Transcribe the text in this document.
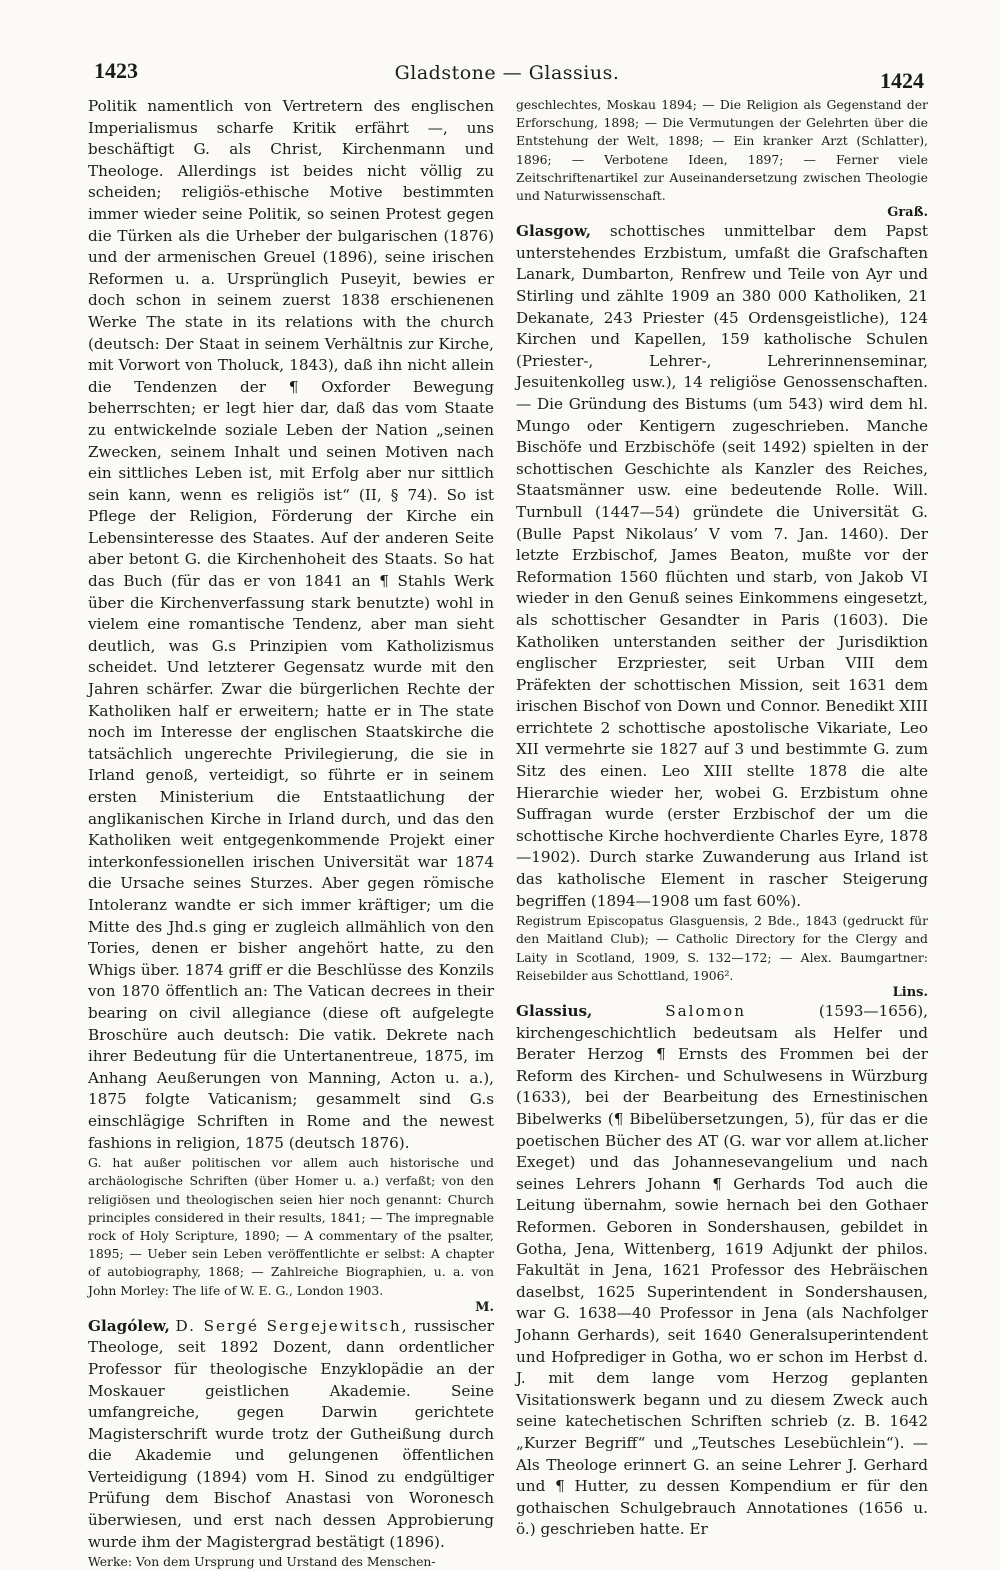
1423	Gladstone — Glassius.	1424

Politik namentlich von Vertretern des englischen Imperialismus scharfe Kritik erfährt —, uns beschäftigt G. als Christ, Kirchenmann und Theologe. Allerdings ist beides nicht völlig zu scheiden; religiös-ethische Motive bestimmten immer wieder seine Politik, so seinen Protest gegen die Türken als die Urheber der bulgarischen (1876) und der armenischen Greuel (1896), seine irischen Reformen u. a. Ursprünglich Puseyit, bewies er doch schon in seinem zuerst 1838 erschienenen Werke The state in its relations with the church (deutsch: Der Staat in seinem Verhältnis zur Kirche, mit Vorwort von Tholuck, 1843), daß ihn nicht allein die Tendenzen der ¶ Oxforder Bewegung beherrschten; er legt hier dar, daß das vom Staate zu entwickelnde soziale Leben der Nation „seinen Zwecken, seinem Inhalt und seinen Motiven nach ein sittliches Leben ist, mit Erfolg aber nur sittlich sein kann, wenn es religiös ist“ (II, § 74). So ist Pflege der Religion, Förderung der Kirche ein Lebensinteresse des Staates. Auf der anderen Seite aber betont G. die Kirchenhoheit des Staats. So hat das Buch (für das er von 1841 an ¶ Stahls Werk über die Kirchenverfassung stark benutzte) wohl in vielem eine romantische Tendenz, aber man sieht deutlich, was G.s Prinzipien vom Katholizismus scheidet. Und letzterer Gegensatz wurde mit den Jahren schärfer. Zwar die bürgerlichen Rechte der Katholiken half er erweitern; hatte er in The state noch im Interesse der englischen Staatskirche die tatsächlich ungerechte Privilegierung, die sie in Irland genoß, verteidigt, so führte er in seinem ersten Ministerium die Entstaatlichung der anglikanischen Kirche in Irland durch, und das den Katholiken weit entgegenkommende Projekt einer interkonfessionellen irischen Universität war 1874 die Ursache seines Sturzes. Aber gegen römische Intoleranz wandte er sich immer kräftiger; um die Mitte des Jhd.s ging er zugleich allmählich von den Tories, denen er bisher angehört hatte, zu den Whigs über. 1874 griff er die Beschlüsse des Konzils von 1870 öffentlich an: The Vatican decrees in their bearing on civil allegiance (diese oft aufgelegte Broschüre auch deutsch: Die vatik. Dekrete nach ihrer Bedeutung für die Untertanentreue, 1875, im Anhang Aeußerungen von Manning, Acton u. a.), 1875 folgte Vaticanism; gesammelt sind G.s einschlägige Schriften in Rome and the newest fashions in religion, 1875 (deutsch 1876).

G. hat außer politischen vor allem auch historische und archäologische Schriften (über Homer u. a.) verfaßt; von den religiösen und theologischen seien hier noch genannt: Church principles considered in their results, 1841; — The impregnable rock of Holy Scripture, 1890; — A commentary of the psalter, 1895; — Ueber sein Leben veröffentlichte er selbst: A chapter of autobiography, 1868; — Zahlreiche Biographien, u. a. von John Morley: The life of W. E. G., London 1903.

M.

Glagólew, D. Sergé Sergejewitsch, russischer Theologe, seit 1892 Dozent, dann ordentlicher Professor für theologische Enzyklopädie an der Moskauer geistlichen Akademie. Seine umfangreiche, gegen Darwin gerichtete Magisterschrift wurde trotz der Gutheißung durch die Akademie und gelungenen öffentlichen Verteidigung (1894) vom H. Sinod zu endgültiger Prüfung dem Bischof Anastasi von Woronesch überwiesen, und erst nach dessen Approbierung wurde ihm der Magistergrad bestätigt (1896).

Werke: Von dem Ursprung und Urstand des Menschen-

geschlechtes, Moskau 1894; — Die Religion als Gegenstand der Erforschung, 1898; — Die Vermutungen der Gelehrten über die Entstehung der Welt, 1898; — Ein kranker Arzt (Schlatter), 1896; — Verbotene Ideen, 1897; — Ferner viele Zeitschriftenartikel zur Auseinandersetzung zwischen Theologie und Naturwissenschaft.

Graß.

Glasgow, schottisches unmittelbar dem Papst unterstehendes Erzbistum, umfaßt die Grafschaften Lanark, Dumbarton, Renfrew und Teile von Ayr und Stirling und zählte 1909 an 380 000 Katholiken, 21 Dekanate, 243 Priester (45 Ordensgeistliche), 124 Kirchen und Kapellen, 159 katholische Schulen (Priester-, Lehrer-, Lehrerinnenseminar, Jesuitenkolleg usw.), 14 religiöse Genossenschaften. — Die Gründung des Bistums (um 543) wird dem hl. Mungo oder Kentigern zugeschrieben. Manche Bischöfe und Erzbischöfe (seit 1492) spielten in der schottischen Geschichte als Kanzler des Reiches, Staatsmänner usw. eine bedeutende Rolle. Will. Turnbull (1447—54) gründete die Universität G. (Bulle Papst Nikolaus’ V vom 7. Jan. 1460). Der letzte Erzbischof, James Beaton, mußte vor der Reformation 1560 flüchten und starb, von Jakob VI wieder in den Genuß seines Einkommens eingesetzt, als schottischer Gesandter in Paris (1603). Die Katholiken unterstanden seither der Jurisdiktion englischer Erzpriester, seit Urban VIII dem Präfekten der schottischen Mission, seit 1631 dem irischen Bischof von Down und Connor. Benedikt XIII errichtete 2 schottische apostolische Vikariate, Leo XII vermehrte sie 1827 auf 3 und bestimmte G. zum Sitz des einen. Leo XIII stellte 1878 die alte Hierarchie wieder her, wobei G. Erzbistum ohne Suffragan wurde (erster Erzbischof der um die schottische Kirche hochverdiente Charles Eyre, 1878—1902). Durch starke Zuwanderung aus Irland ist das katholische Element in rascher Steigerung begriffen (1894—1908 um fast 60%).

Registrum Episcopatus Glasguensis, 2 Bde., 1843 (gedruckt für den Maitland Club); — Catholic Directory for the Clergy and Laity in Scotland, 1909, S. 132—172; — Alex. Baumgartner: Reisebilder aus Schottland, 1906².

Lins.

Glassius,	Salomon	(1593—1656), kirchengeschichtlich bedeutsam als Helfer und Berater Herzog ¶ Ernsts des Frommen bei der Reform des Kirchen- und Schulwesens in Würzburg (1633), bei der Bearbeitung des Ernestinischen Bibelwerks (¶ Bibelübersetzungen, 5), für das er die poetischen Bücher des AT (G. war vor allem at.licher Exeget) und das Johannesevangelium und nach seines Lehrers Johann ¶ Gerhards Tod auch die Leitung übernahm, sowie hernach bei den Gothaer Reformen. Geboren in Sondershausen, gebildet in Gotha, Jena, Wittenberg, 1619 Adjunkt der philos. Fakultät in Jena, 1621 Professor des Hebräischen daselbst, 1625 Superintendent in Sondershausen, war G. 1638—40 Professor in Jena (als Nachfolger Johann Gerhards), seit 1640 Generalsuperintendent und Hofprediger in Gotha, wo er schon im Herbst d. J. mit dem lange vom Herzog geplanten Visitationswerk begann und zu diesem Zweck auch seine katechetischen Schriften schrieb (z. B. 1642 „Kurzer Begriff“ und „Teutsches Lesebüchlein“). — Als Theologe erinnert G. an seine Lehrer J. Gerhard und ¶ Hutter, zu dessen Kompendium er für den gothaischen Schulgebrauch Annotationes (1656 u. ö.) geschrieben hatte. Er
